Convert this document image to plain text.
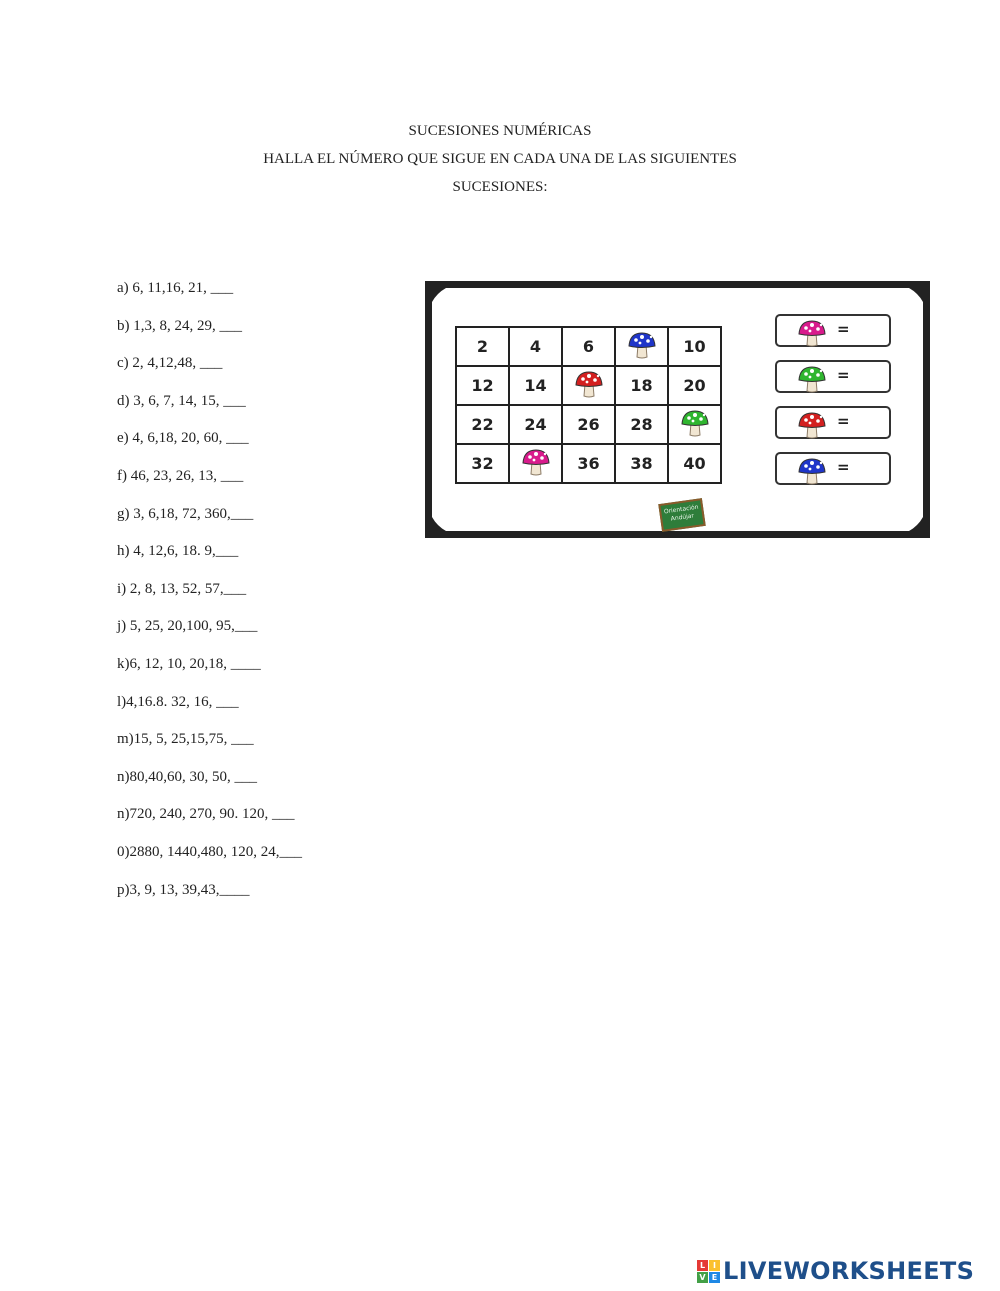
SUCESIONES NUMÉRICAS
HALLA EL NÚMERO QUE SIGUE EN CADA UNA DE LAS SIGUIENTES
SUCESIONES:
a) 6, 11,16, 21, ___
b) 1,3, 8, 24, 29, ___
c) 2, 4,12,48, ___
d) 3, 6, 7, 14, 15, ___
e) 4, 6,18, 20, 60, ___
f) 46, 23, 26, 13, ___
g) 3, 6,18, 72, 360,___
h) 4, 12,6, 18. 9,___
i) 2, 8, 13, 52, 57,___
j) 5, 25, 20,100, 95,___
k)6, 12, 10, 20,18, ____
l)4,16.8. 32, 16, ___
m)15, 5, 25,15,75, ___
n)80,40,60, 30, 50, ___
n)720, 240, 270, 90. 120, ___
0)2880, 1440,480, 120, 24,___
p)3, 9, 13, 39,43,____
2	4	6		10
12	14		18	20
22	24	26	28	
32		36	38	40
=
=
=
=
Orientación Andújar
L I
V E LIVEWORKSHEETS
